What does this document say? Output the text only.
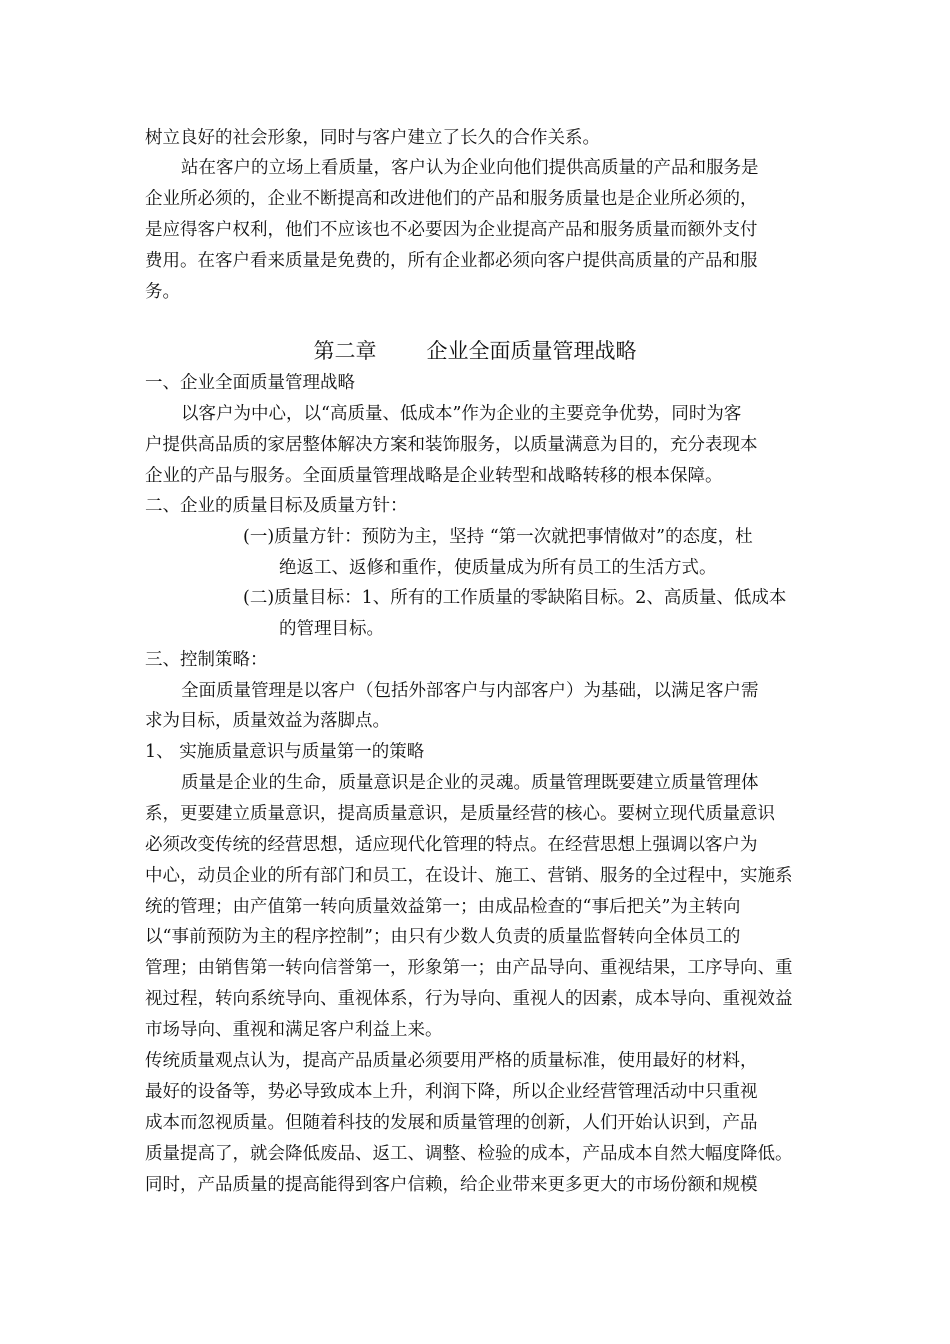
树立良好的社会形象，同时与客户建立了长久的合作关系。
站在客户的立场上看质量，客户认为企业向他们提供高质量的产品和服务是
企业所必须的，企业不断提高和改进他们的产品和服务质量也是企业所必须的，
是应得客户权利，他们不应该也不必要因为企业提高产品和服务质量而额外支付
费用。在客户看来质量是免费的，所有企业都必须向客户提供高质量的产品和服
务。
第二章 企业全面质量管理战略
一、企业全面质量管理战略
以客户为中心，以“高质量、低成本”作为企业的主要竞争优势，同时为客
户提供高品质的家居整体解决方案和装饰服务，以质量满意为目的，充分表现本
企业的产品与服务。全面质量管理战略是企业转型和战略转移的根本保障。
二、企业的质量目标及质量方针：
(一)质量方针：预防为主，坚持 “第一次就把事情做对”的态度，杜
绝返工、返修和重作，使质量成为所有员工的生活方式。
(二)质量目标：1、所有的工作质量的零缺陷目标。2、高质量、低成本
的管理目标。
三、控制策略：
全面质量管理是以客户（包括外部客户与内部客户）为基础，以满足客户需
求为目标，质量效益为落脚点。
1、 实施质量意识与质量第一的策略
质量是企业的生命，质量意识是企业的灵魂。质量管理既要建立质量管理体
系，更要建立质量意识，提高质量意识，是质量经营的核心。要树立现代质量意识
必须改变传统的经营思想，适应现代化管理的特点。在经营思想上强调以客户为
中心，动员企业的所有部门和员工，在设计、施工、营销、服务的全过程中，实施系
统的管理；由产值第一转向质量效益第一；由成品检查的“事后把关”为主转向
以“事前预防为主的程序控制”；由只有少数人负责的质量监督转向全体员工的
管理；由销售第一转向信誉第一，形象第一；由产品导向、重视结果，工序导向、重
视过程，转向系统导向、重视体系，行为导向、重视人的因素，成本导向、重视效益
市场导向、重视和满足客户利益上来。
传统质量观点认为，提高产品质量必须要用严格的质量标准，使用最好的材料，
最好的设备等，势必导致成本上升，利润下降，所以企业经营管理活动中只重视
成本而忽视质量。但随着科技的发展和质量管理的创新，人们开始认识到，产品
质量提高了，就会降低废品、返工、调整、检验的成本，产品成本自然大幅度降低。
同时，产品质量的提高能得到客户信赖，给企业带来更多更大的市场份额和规模
